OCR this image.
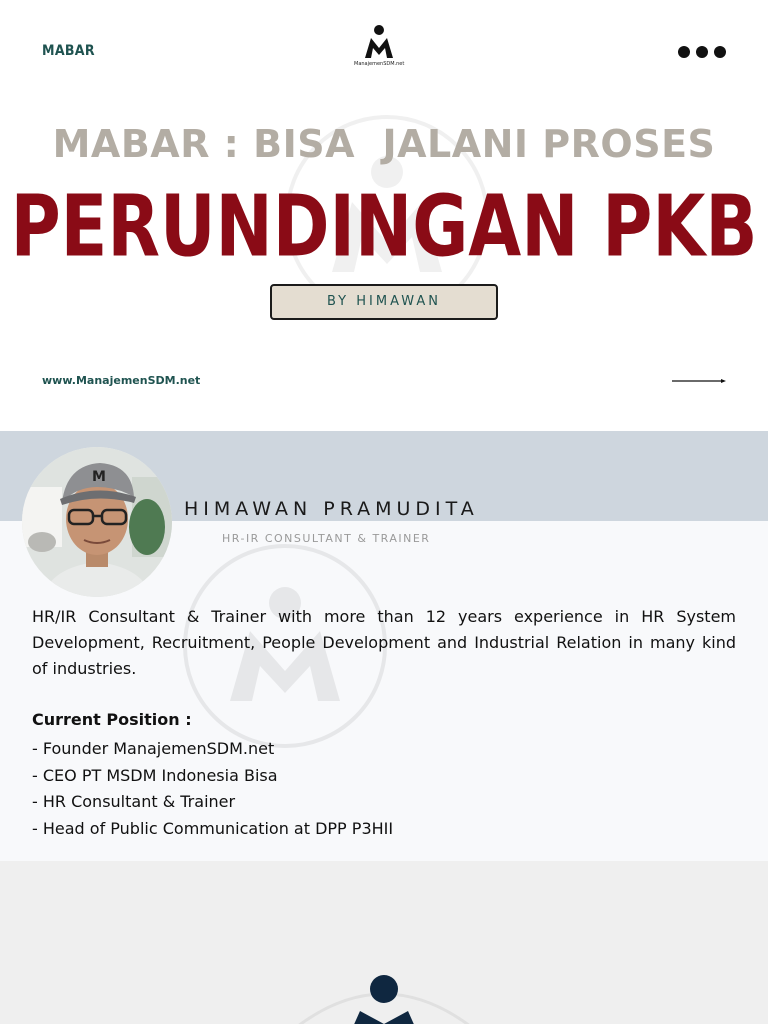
MABAR
ManajemenSDM.net
MABAR : BISA  JALANI PROSES
PERUNDINGAN PKB
BY HIMAWAN
www.ManajemenSDM.net
M
HIMAWAN PRAMUDITA
HR-IR CONSULTANT & TRAINER

HR/IR Consultant & Trainer with more than 12 years experience in HR System Development, Recruitment, People Development and Industrial Relation in many kind of industries.

Current Position :
- Founder ManajemenSDM.net
- CEO PT MSDM Indonesia Bisa
- HR Consultant & Trainer
- Head of Public Communication at DPP P3HII
